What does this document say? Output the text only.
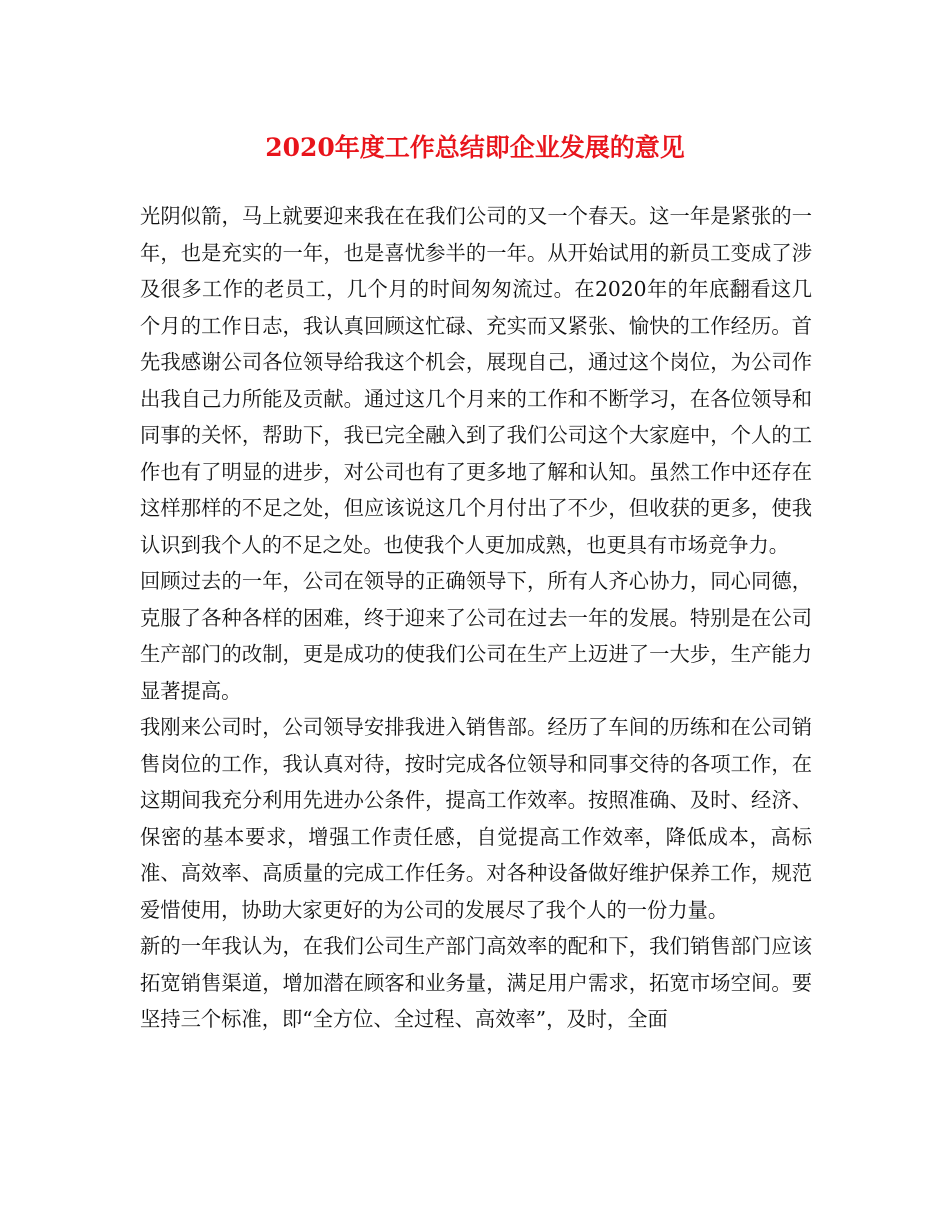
2020年度工作总结即企业发展的意见

光阴似箭，马上就要迎来我在在我们公司的又一个春天。这一年是紧张的一年，也是充实的一年，也是喜忧参半的一年。从开始试用的新员工变成了涉及很多工作的老员工，几个月的时间匆匆流过。在2020年的年底翻看这几个月的工作日志，我认真回顾这忙碌、充实而又紧张、愉快的工作经历。首先我感谢公司各位领导给我这个机会，展现自己，通过这个岗位，为公司作出我自己力所能及贡献。通过这几个月来的工作和不断学习，在各位领导和同事的关怀，帮助下，我已完全融入到了我们公司这个大家庭中，个人的工作也有了明显的进步，对公司也有了更多地了解和认知。虽然工作中还存在这样那样的不足之处，但应该说这几个月付出了不少，但收获的更多，使我认识到我个人的不足之处。也使我个人更加成熟，也更具有市场竞争力。

回顾过去的一年，公司在领导的正确领导下，所有人齐心协力，同心同德，克服了各种各样的困难，终于迎来了公司在过去一年的发展。特别是在公司生产部门的改制，更是成功的使我们公司在生产上迈进了一大步，生产能力显著提高。

我刚来公司时，公司领导安排我进入销售部。经历了车间的历练和在公司销售岗位的工作，我认真对待，按时完成各位领导和同事交待的各项工作，在这期间我充分利用先进办公条件，提高工作效率。按照准确、及时、经济、保密的基本要求，增强工作责任感，自觉提高工作效率，降低成本，高标准、高效率、高质量的完成工作任务。对各种设备做好维护保养工作，规范爱惜使用，协助大家更好的为公司的发展尽了我个人的一份力量。

新的一年我认为，在我们公司生产部门高效率的配和下，我们销售部门应该拓宽销售渠道，增加潜在顾客和业务量，满足用户需求，拓宽市场空间。要坚持三个标准，即“全方位、全过程、高效率”，及时，全面
